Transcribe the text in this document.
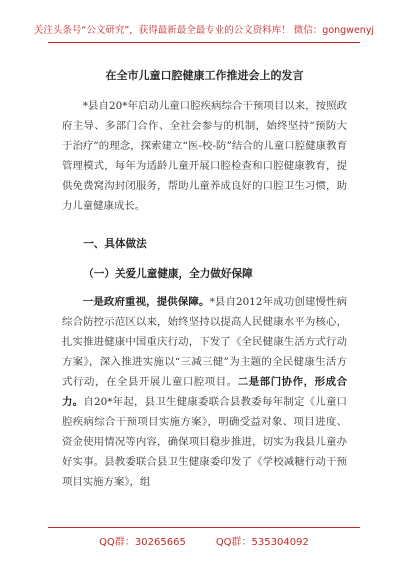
关注头条号“公文研究”，获得最新最全最专业的公文资料库！ 微信：gongwenyj
在全市儿童口腔健康工作推进会上的发言

*县自20*年启动儿童口腔疾病综合干预项目以来，按照政府主导、多部门合作、全社会参与的机制，始终坚持“预防大于治疗”的理念，探索建立“医-校-防”结合的儿童口腔健康教育管理模式，每年为适龄儿童开展口腔检查和口腔健康教育，提供免费窝沟封闭服务，帮助儿童养成良好的口腔卫生习惯，助力儿童健康成长。

一、具体做法
（一）关爱儿童健康，全力做好保障

一是政府重视，提供保障。*县自2012年成功创建慢性病综合防控示范区以来，始终坚持以提高人民健康水平为核心，扎实推进健康中国重庆行动，下发了《全民健康生活方式行动方案》，深入推进实施以“三减三健”为主题的全民健康生活方式行动，在全县开展儿童口腔项目。二是部门协作，形成合力。自20*年起，县卫生健康委联合县教委每年制定《儿童口腔疾病综合干预项目实施方案》，明确受益对象、项目进度、资金使用情况等内容，确保项目稳步推进，切实为我县儿童办好实事。县教委联合县卫生健康委印发了《学校减糖行动干预项目实施方案》，组

QQ群：30265665	QQ群：535304092
